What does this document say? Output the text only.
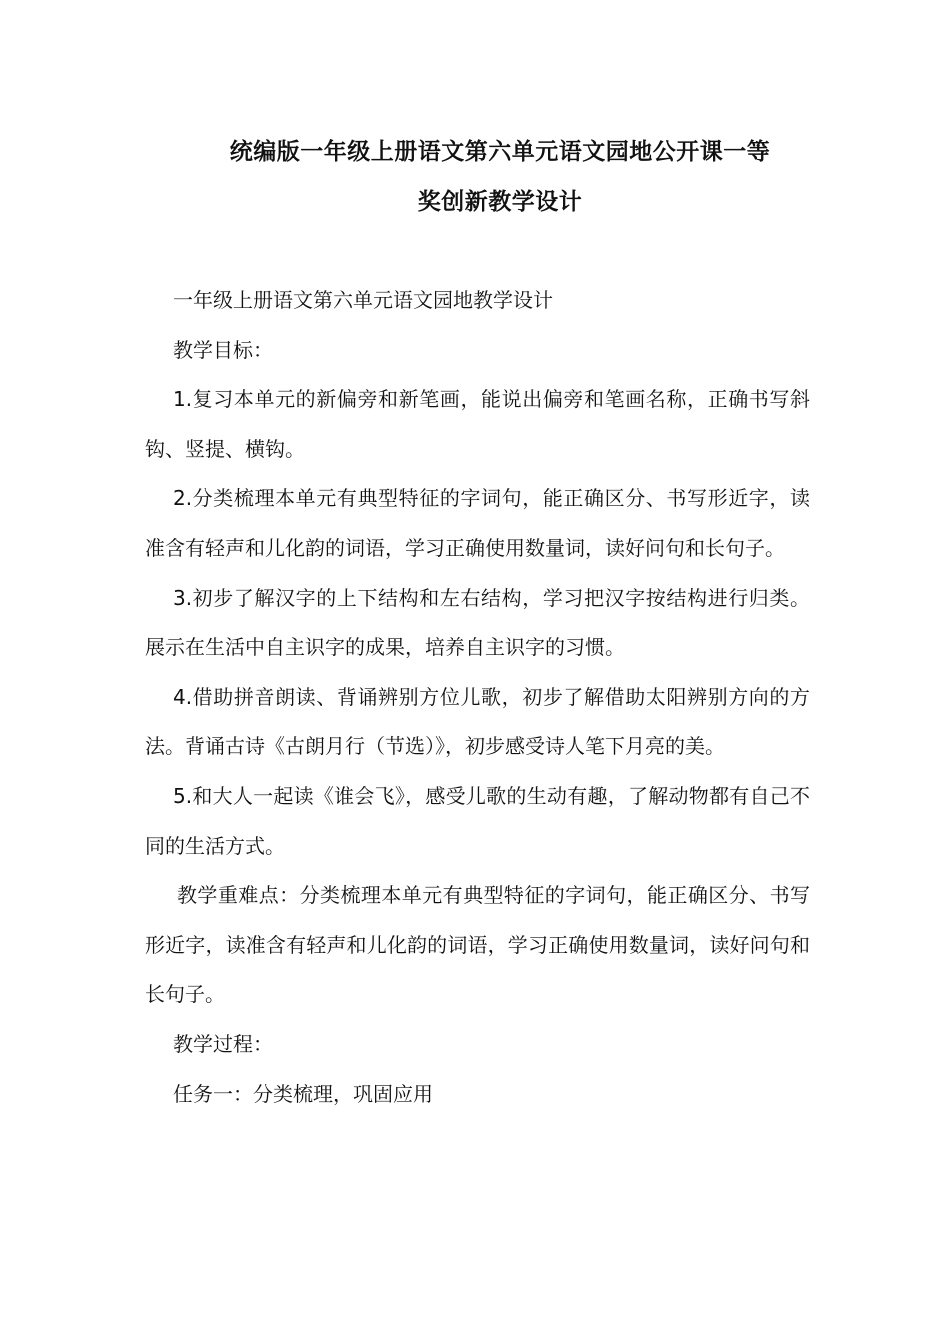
统编版一年级上册语文第六单元语文园地公开课一等
奖创新教学设计

一年级上册语文第六单元语文园地教学设计

教学目标：

1.复习本单元的新偏旁和新笔画，能说出偏旁和笔画名称，正确书写斜钩、竖提、横钩。

2.分类梳理本单元有典型特征的字词句，能正确区分、书写形近字，读准含有轻声和儿化韵的词语，学习正确使用数量词，读好问句和长句子。

3.初步了解汉字的上下结构和左右结构，学习把汉字按结构进行归类。展示在生活中自主识字的成果，培养自主识字的习惯。

4.借助拼音朗读、背诵辨别方位儿歌，初步了解借助太阳辨别方向的方法。背诵古诗《古朗月行（节选）》，初步感受诗人笔下月亮的美。

5.和大人一起读《谁会飞》，感受儿歌的生动有趣，了解动物都有自己不同的生活方式。

教学重难点：分类梳理本单元有典型特征的字词句，能正确区分、书写形近字，读准含有轻声和儿化韵的词语，学习正确使用数量词，读好问句和长句子。

教学过程：

任务一：分类梳理，巩固应用
